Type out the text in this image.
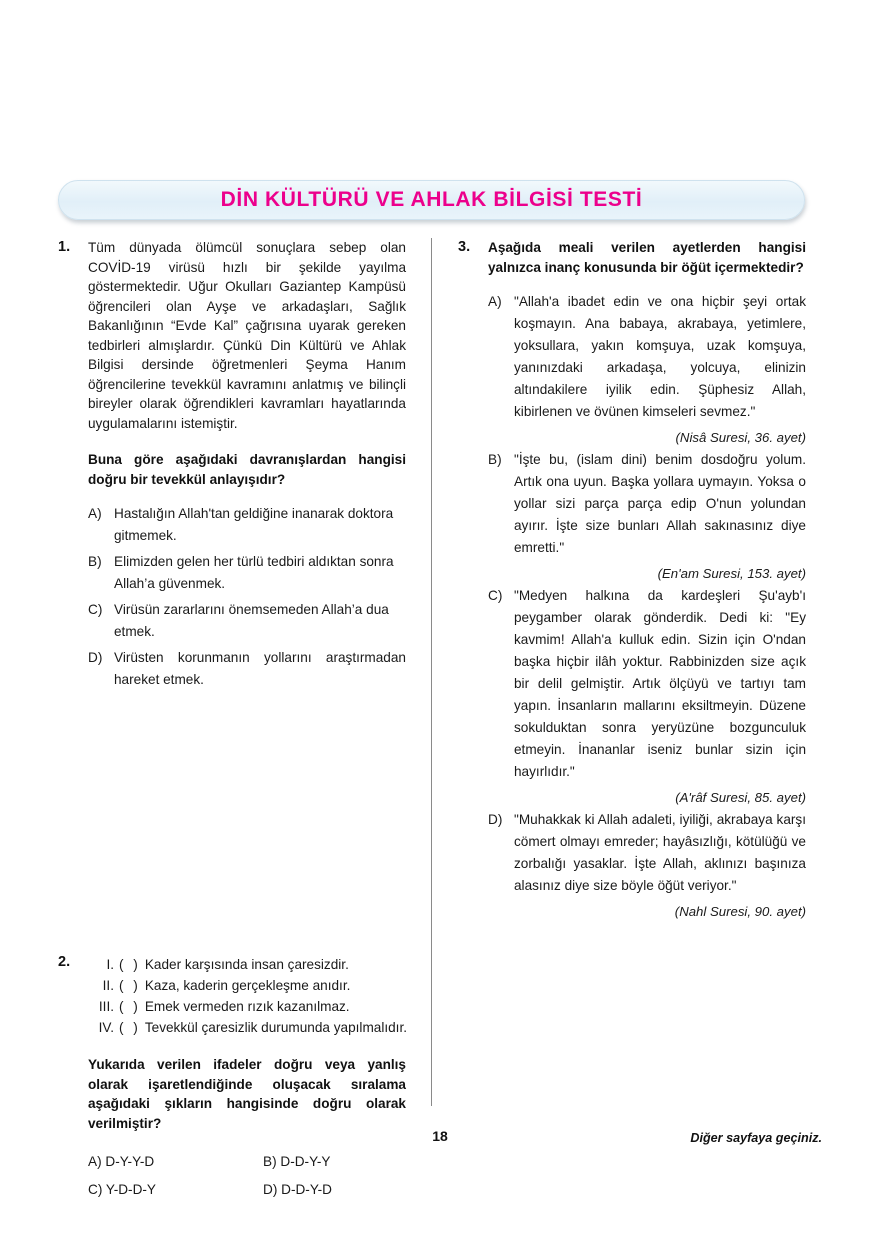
DİN KÜLTÜRÜ VE AHLAK BİLGİSİ TESTİ
1.	Tüm dünyada ölümcül sonuçlara sebep olan COVİD-19 virüsü hızlı bir şekilde yayılma göstermektedir. Uğur Okulları Gaziantep Kampüsü öğrencileri olan Ayşe ve arkadaşları, Sağlık Bakanlığının “Evde Kal” çağrısına uyarak gereken tedbirleri almışlardır. Çünkü Din Kültürü ve Ahlak Bilgisi dersinde öğretmenleri Şeyma Hanım öğrencilerine tevekkül kavramını anlatmış ve bilinçli bireyler olarak öğrendikleri kavramları hayatlarında uygulamalarını istemiştir.
Buna göre aşağıdaki davranışlardan hangisi doğru bir tevekkül anlayışıdır?
A) Hastalığın Allah'tan geldiğine inanarak doktora gitmemek.
B) Elimizden gelen her türlü tedbiri aldıktan sonra Allah’a güvenmek.
C) Virüsün zararlarını önemsemeden Allah’a dua etmek.
D) Virüsten korunmanın yollarını araştırmadan hareket etmek.
2.	I. ( ) Kader karşısında insan çaresizdir.
II. ( ) Kaza, kaderin gerçekleşme anıdır.
III. ( ) Emek vermeden rızık kazanılmaz.
IV. ( ) Tevekkül çaresizlik durumunda yapılmalıdır.
Yukarıda verilen ifadeler doğru veya yanlış olarak işaretlendiğinde oluşacak sıralama aşağıdaki şıkların hangisinde doğru olarak verilmiştir?
A) D-Y-Y-D	B) D-D-Y-Y
C) Y-D-D-Y	D) D-D-Y-D
3.	Aşağıda meali verilen ayetlerden hangisi yalnızca inanç konusunda bir öğüt içermektedir?
A) "Allah'a ibadet edin ve ona hiçbir şeyi ortak koşmayın. Ana babaya, akrabaya, yetimlere, yoksullara, yakın komşuya, uzak komşuya, yanınızdaki arkadaşa, yolcuya, elinizin altındakilere iyilik edin. Şüphesiz Allah, kibirlenen ve övünen kimseleri sevmez."
(Nisâ Suresi, 36. ayet)
B) "İşte bu, (islam dini) benim dosdoğru yolum. Artık ona uyun. Başka yollara uymayın. Yoksa o yollar sizi parça parça edip O'nun yolundan ayırır. İşte size bunları Allah sakınasınız diye emretti."
(En'am Suresi, 153. ayet)
C) "Medyen halkına da kardeşleri Şu'ayb'ı peygamber olarak gönderdik. Dedi ki: "Ey kavmim! Allah'a kulluk edin. Sizin için O'ndan başka hiçbir ilâh yoktur. Rabbinizden size açık bir delil gelmiştir. Artık ölçüyü ve tartıyı tam yapın. İnsanların mallarını eksiltmeyin. Düzene sokulduktan sonra yeryüzüne bozgunculuk etmeyin. İnananlar iseniz bunlar sizin için hayırlıdır."
(A'râf Suresi, 85. ayet)
D) "Muhakkak ki Allah adaleti, iyiliği, akrabaya karşı cömert olmayı emreder; hayâsızlığı, kötülüğü ve zorbalığı yasaklar. İşte Allah, aklınızı başınıza alasınız diye size böyle öğüt veriyor."
(Nahl Suresi, 90. ayet)
18	Diğer sayfaya geçiniz.
